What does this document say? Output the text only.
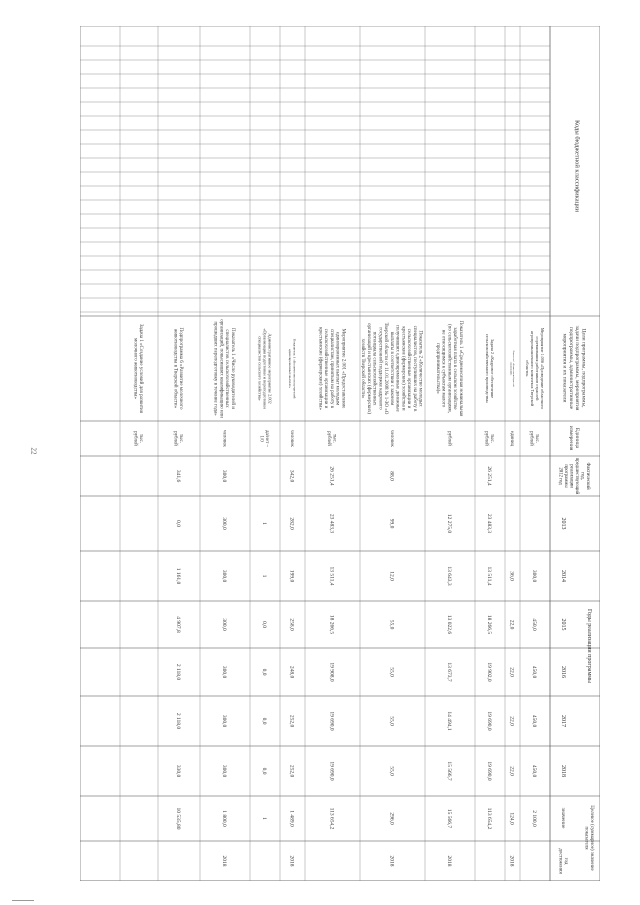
22
Коды бюджетной классификации
Цели программы, подпрограммы,задачи подпрограммы, мероприятияподпрограммы, административныемероприятия и их показатели
Единицаизмерения
Фактическийгод,предшествующийреализациипрограммы2012 год
Годы реализации программы
2013
2014
2015
2016
2017
2018
Целевое (суммарное) значениепоказателя
значение
годдостижения
Мероприятие 1.006 «Проведение областногосоревнования работников отраслейагропромышленного комплекса Тверскойобласти»
тыс.рублей
300,0
450,0
450,0
450,0
450,0
2 100,0
Показатель 1 «Количество победителейсоревнований»
единиц
36,0
22,0
22,0
22,0
22,0
124,0
2018
Задача 2 «Кадровое обеспечениесельскохозяйственного производства»
тыс.рублей
26 251,4
23 483,3
13 511,4
18 266,5
19 902,0
19 690,0
19 690,0
113 654,2
Показатель 1 «Среднемесячная номинальнаязаработная плата в сельском хозяйстве(по сельскохозяйственным организациям,не относящимся к субъектам малогопредпринимательства)»
рублей
12 275,0
13 643,3
13 022,6
13 673,7
14 494,1
15 566,7
15 566,7
2018
Показатель 2 «Количество молодыхспециалистов, поступивших на работу всельскохозяйственные организации икрестьянские (фермерские) хозяйства иполучивших единовременные денежныевыплаты в соответствии с закономТверской области от 11.01.2008 № 1-ЗО «Огосударственной поддержке кадровогопотенциала сельскохозяйственныхорганизаций и крестьянских (фермерских)хозяйств Тверской области»
человек
88,0
99,0
12,0
55,0
55,0
55,0
55,0
296,0
2018
Мероприятие 2.001 «Предоставлениеединовременных выплат молодымспециалистам, принятым на работу всельскохозяйственные организации икрестьянские (фермерские) хозяйства»
тыс.рублей
26 251,4
23 483,3
13 511,4
18 266,5
19 908,0
19 690,0
19 690,0
113 654,2
Показатель 1 «Количество получателейединовременных выплат»
человек
342,0
282,0
199,0
258,0
248,0
252,0
252,0
1 489,0
2018
Административное мероприятие 2.002«Организация подготовки и переподготовкиспециалистов сельского хозяйства»
да/нет –1/0
1
1
0,0
0,0
0,0
0,0
1
Показатель 1 «Число руководителей испециалистов сельскохозяйственныхорганизаций, повысивших квалификацию илипрошедших переподготовку в течение года»
человек
300,0
300,0
300,0
300,0
300,0
300,0
300,0
1 800,0
2018
Подпрограмма 6 «Развитие молочногоживотноводства в Тверской области»
тыс.рублей
341,6
0,0
1 161,0
4 907,8
2 118,0
2 118,0
330,0
10 535,80
Задача 1 «Создание условий для развитиямолочного животноводства»
тыс.рублей
